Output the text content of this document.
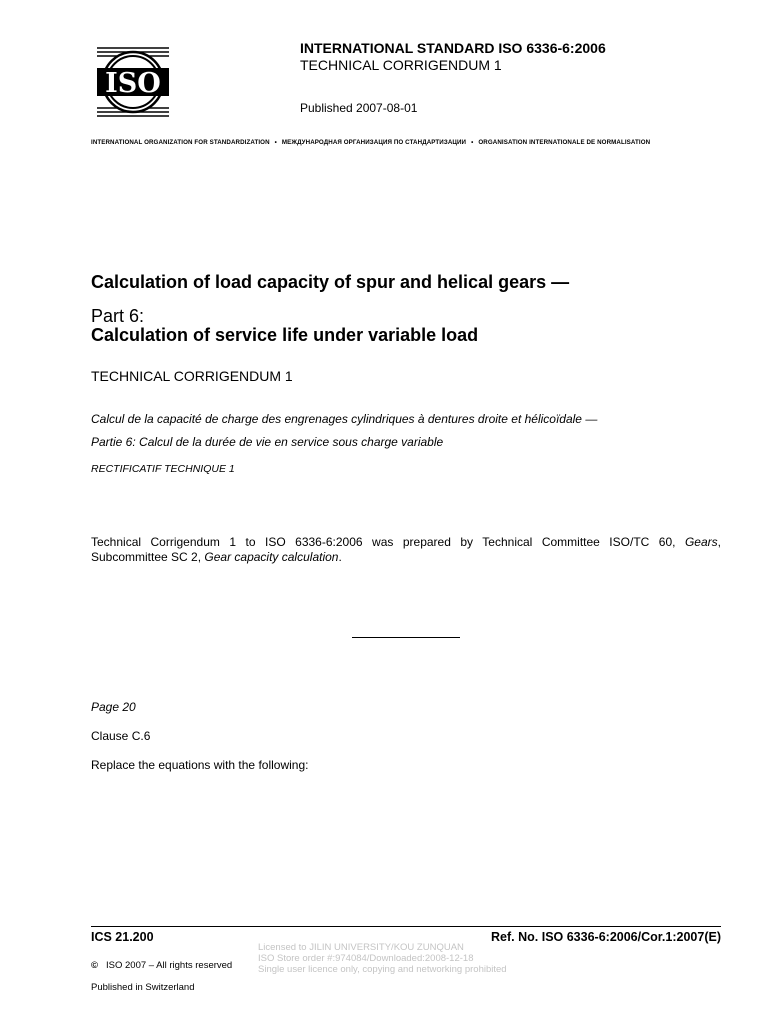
ISO
INTERNATIONAL STANDARD ISO 6336-6:2006
TECHNICAL CORRIGENDUM 1
Published 2007-08-01
INTERNATIONAL ORGANIZATION FOR STANDARDIZATION • МЕЖДУНАРОДНАЯ ОРГАНИЗАЦИЯ ПО СТАНДАРТИЗАЦИИ • ORGANISATION INTERNATIONALE DE NORMALISATION
Calculation of load capacity of spur and helical gears —
Part 6:
Calculation of service life under variable load
TECHNICAL CORRIGENDUM 1
Calcul de la capacité de charge des engrenages cylindriques à dentures droite et hélicoïdale —
Partie 6: Calcul de la durée de vie en service sous charge variable
RECTIFICATIF TECHNIQUE 1
Technical Corrigendum 1 to ISO 6336-6:2006 was prepared by Technical Committee ISO/TC 60, Gears, Subcommittee SC 2, Gear capacity calculation.
Page 20
Clause C.6
Replace the equations with the following:
ICS 21.200	Ref. No. ISO 6336-6:2006/Cor.1:2007(E)
© ISO 2007 – All rights reserved
Published in Switzerland
Licensed to JILIN UNIVERSITY/KOU ZUNQUAN
ISO Store order #:974084/Downloaded:2008-12-18
Single user licence only, copying and networking prohibited
